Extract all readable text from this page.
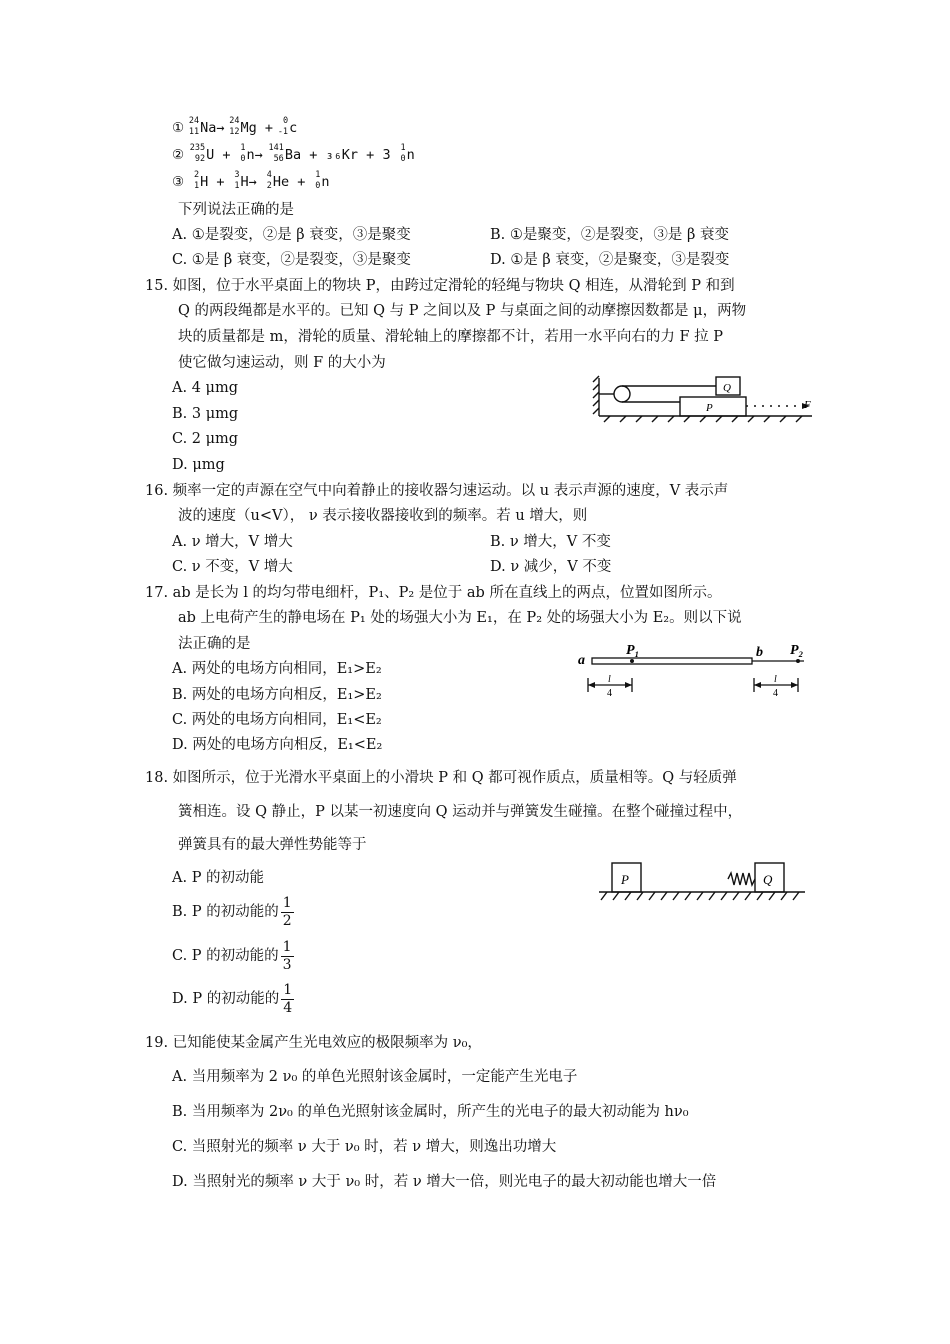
① 24
11 Na→ 24
12 Mg + 0
-1 c
② 235
92 U + 1
0 n→ 141
56 Ba + ₃₆Kr + 3 1
0 n
③ 2
1 H + 3
1 H→ 4
2 He + 1
0 n
下列说法正确的是
A. ①是裂变，②是 β 衰变，③是聚变	B. ①是聚变，②是裂变，③是 β 衰变
C. ①是 β 衰变，②是裂变，③是聚变	D. ①是 β 衰变，②是聚变，③是裂变
15. 如图，位于水平桌面上的物块 P，由跨过定滑轮的轻绳与物块 Q 相连，从滑轮到 P 和到
Q 的两段绳都是水平的。已知 Q 与 P 之间以及 P 与桌面之间的动摩擦因数都是 μ，两物
块的质量都是 m，滑轮的质量、滑轮轴上的摩擦都不计，若用一水平向右的力 F 拉 P
使它做匀速运动，则 F 的大小为
A. 4 μmg
B. 3 μmg
C. 2 μmg
D. μmg
Q
P	F
16. 频率一定的声源在空气中向着静止的接收器匀速运动。以 u 表示声源的速度，V 表示声
波的速度（u<V）， ν 表示接收器接收到的频率。若 u 增大，则
A. ν 增大，V 增大	B. ν 增大，V 不变
C. ν 不变，V 增大	D. ν 减少，V 不变
17. ab 是长为 l 的均匀带电细杆，P₁、P₂ 是位于 ab 所在直线上的两点，位置如图所示。
ab 上电荷产生的静电场在 P₁ 处的场强大小为 E₁，在 P₂ 处的场强大小为 E₂。则以下说
法正确的是
A. 两处的电场方向相同，E₁>E₂
B. 两处的电场方向相反，E₁>E₂
C. 两处的电场方向相同，E₁<E₂
D. 两处的电场方向相反，E₁<E₂
a
b
P₁	P₂
l
4
l
4
18. 如图所示，位于光滑水平桌面上的小滑块 P 和 Q 都可视作质点，质量相等。Q 与轻质弹
簧相连。设 Q 静止，P 以某一初速度向 Q 运动并与弹簧发生碰撞。在整个碰撞过程中，
弹簧具有的最大弹性势能等于
A. P 的初动能
B. P 的初动能的 $\frac{1}{2}$
C. P 的初动能的 $\frac{1}{3}$
D. P 的初动能的 $\frac{1}{4}$
P	Q
19. 已知能使某金属产生光电效应的极限频率为 ν₀，
A. 当用频率为 2 ν₀ 的单色光照射该金属时，一定能产生光电子
B. 当用频率为 2ν₀ 的单色光照射该金属时，所产生的光电子的最大初动能为 hν₀
C. 当照射光的频率 ν 大于 ν₀ 时，若 ν 增大，则逸出功增大
D. 当照射光的频率 ν 大于 ν₀ 时，若 ν 增大一倍，则光电子的最大初动能也增大一倍
